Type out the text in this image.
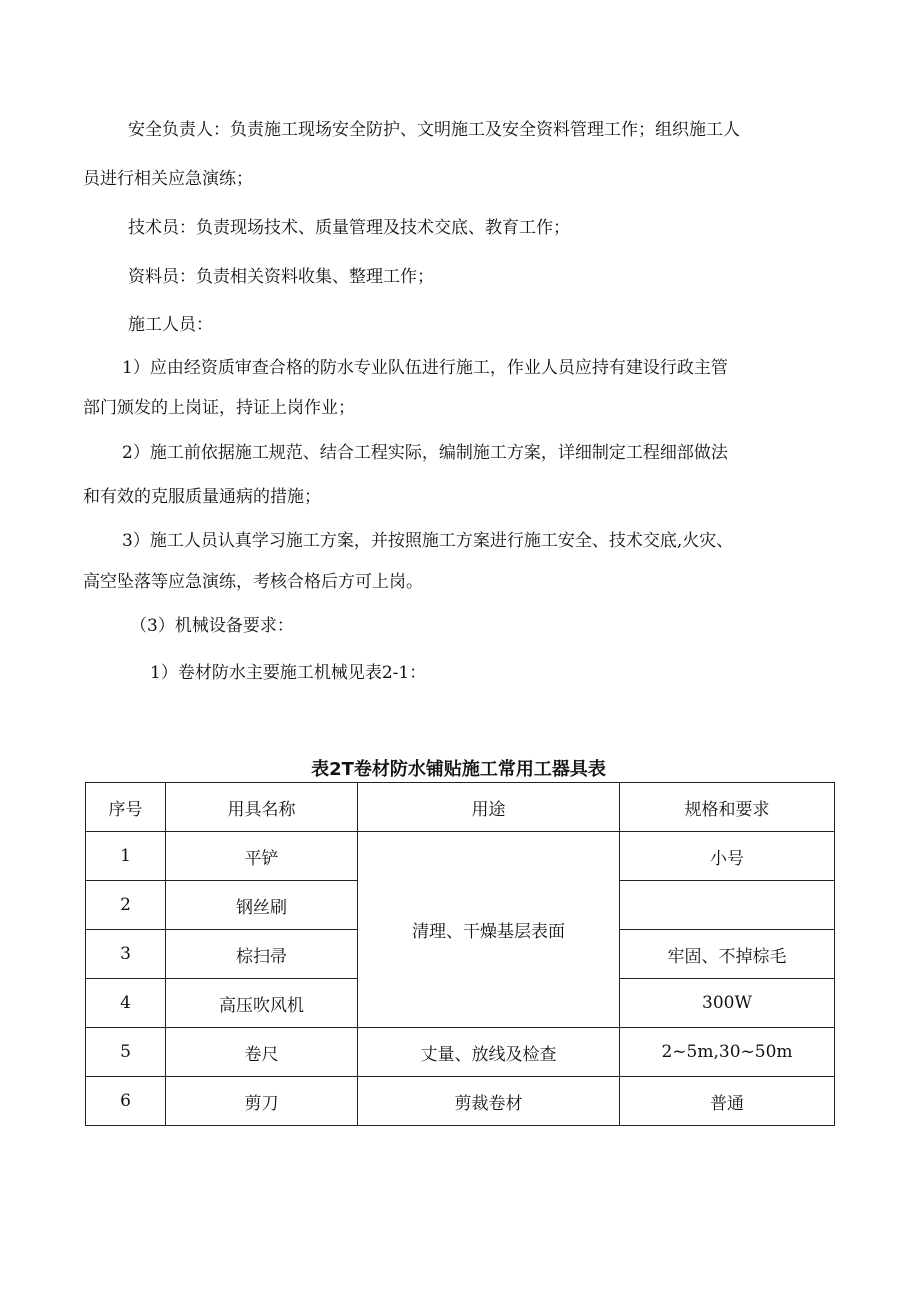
安全负责人：负责施工现场安全防护、文明施工及安全资料管理工作；组织施工人
员进行相关应急演练；
技术员：负责现场技术、质量管理及技术交底、教育工作；
资料员：负责相关资料收集、整理工作；
施工人员：
1）应由经资质审查合格的防水专业队伍进行施工，作业人员应持有建设行政主管
部门颁发的上岗证，持证上岗作业；
2）施工前依据施工规范、结合工程实际，编制施工方案，详细制定工程细部做法
和有效的克服质量通病的措施；
3）施工人员认真学习施工方案，并按照施工方案进行施工安全、技术交底,火灾、
高空坠落等应急演练，考核合格后方可上岗。
（3）机械设备要求：
1）卷材防水主要施工机械见表2-1：
表2T卷材防水铺贴施工常用工器具表
序号	用具名称	用途	规格和要求
1	平铲	清理、干燥基层表面	小号
2	钢丝刷		
3	棕扫帚		牢固、不掉棕毛
4	高压吹风机		300W
5	卷尺	丈量、放线及检查	2~5m,30~50m
6	剪刀	剪裁卷材	普通
